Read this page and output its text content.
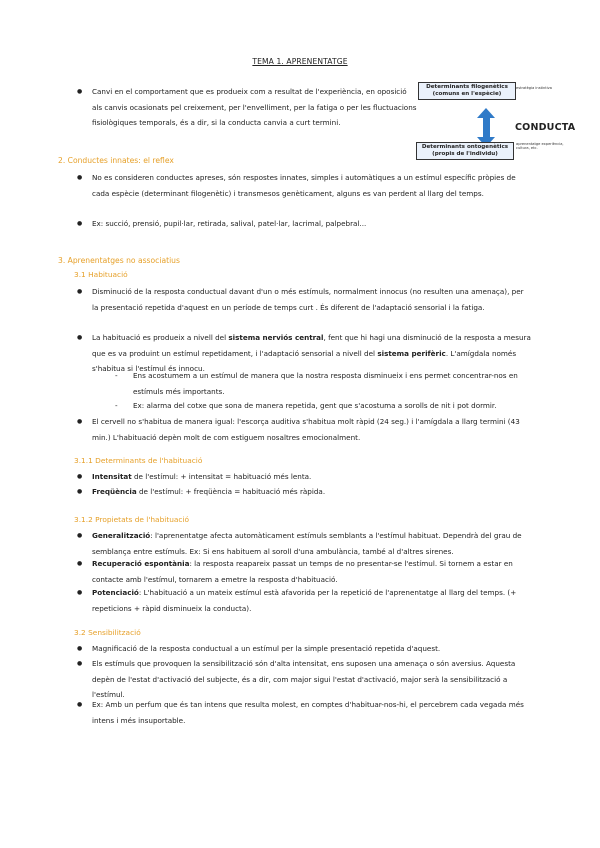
TEMA 1. APRENENTATGE
● Canvi en el comportament que es produeix com a resultat de l'experiència, en oposició als canvis ocasionats pel creixement, per l'envelliment, per la fatiga o per les fluctuacions fisiològiques temporals, és a dir, si la conducta canvia a curt termini.
Determinants filogenètics
(comuns en l'espècie)
estratègia instintiva
CONDUCTA
Determinants ontogenètics
(propis de l'individu)
aprenentatge experiència, cultura, etc.
2. Conductes innates: el reflex
● No es consideren conductes apreses, són respostes innates, simples i automàtiques a un estímul específic pròpies de cada espècie (determinant filogenètic) i transmesos genèticament, alguns es van perdent al llarg del temps.
● Ex: succió, prensió, pupil·lar, retirada, salival, patel·lar, lacrimal, palpebral...
3. Aprenentatges no associatius
3.1 Habituació
● Disminució de la resposta conductual davant d'un o més estímuls, normalment innocus (no resulten una amenaça), per la presentació repetida d'aquest en un període de temps curt . És diferent de l'adaptació sensorial i la fatiga.
● La habituació es produeix a nivell del sistema nerviós central, fent que hi hagi una disminució de la resposta a mesura que es va produint un estímul repetidament, i l'adaptació sensorial a nivell del sistema perifèric. L'amígdala només s'habitua si l'estímul és innocu.
- Ens acostumem a un estímul de manera que la nostra resposta disminueix i ens permet concentrar-nos en estímuls més importants.
- Ex: alarma del cotxe que sona de manera repetida, gent que s'acostuma a sorolls de nit i pot dormir.
● El cervell no s'habitua de manera igual: l'escorça auditiva s'habitua molt ràpid (24 seg.) i l'amígdala a llarg termini (43 min.) L'habituació depèn molt de com estiguem nosaltres emocionalment.
3.1.1 Determinants de l'habituació
● Intensitat de l'estímul: + intensitat = habituació més lenta.
● Freqüència de l'estímul: + freqüència = habituació més ràpida.
3.1.2 Propietats de l'habituació
● Generalització: l'aprenentatge afecta automàticament estímuls semblants a l'estímul habituat. Dependrà del grau de semblança entre estímuls. Ex: Si ens habituem al soroll d'una ambulància, també al d'altres sirenes.
● Recuperació espontània: la resposta reapareix passat un temps de no presentar-se l'estímul. Si tornem a estar en contacte amb l'estímul, tornarem a emetre la resposta d'habituació.
● Potenciació: L'habituació a un mateix estímul està afavorida per la repetició de l'aprenentatge al llarg del temps. (+ repeticions + ràpid disminueix la conducta).
3.2 Sensibilització
● Magnificació de la resposta conductual a un estímul per la simple presentació repetida d'aquest.
● Els estímuls que provoquen la sensibilització són d'alta intensitat, ens suposen una amenaça o són aversius. Aquesta depèn de l'estat d'activació del subjecte, és a dir, com major sigui l'estat d'activació, major serà la sensibilització a l'estímul.
● Ex: Amb un perfum que és tan intens que resulta molest, en comptes d'habituar-nos-hi, el percebrem cada vegada més intens i més insuportable.
